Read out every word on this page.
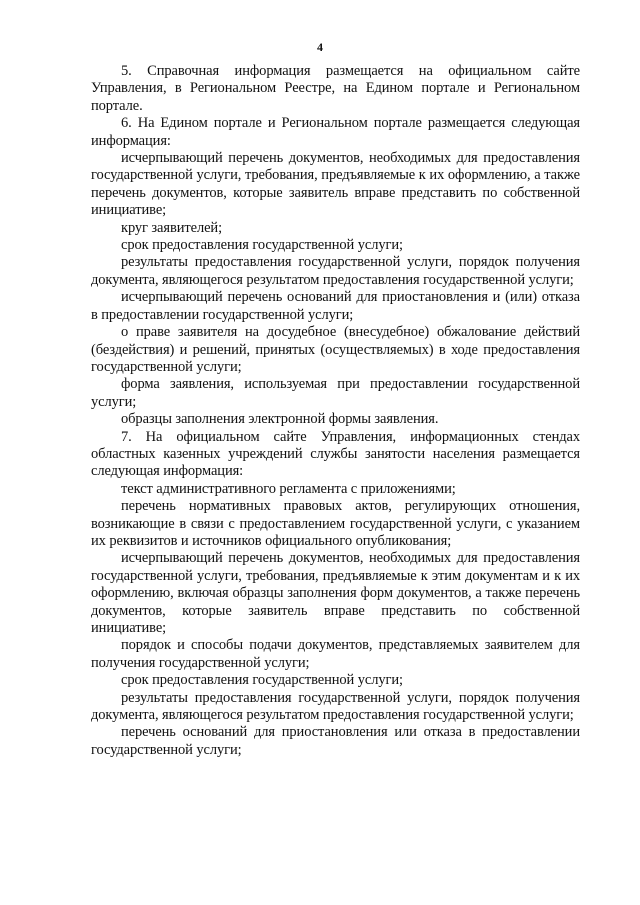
4

5. Справочная информация размещается на официальном сайте Управления, в Региональном Реестре, на Едином портале и Региональном портале.

6. На Едином портале и Региональном портале размещается следующая информация:

исчерпывающий перечень документов, необходимых для предоставления государственной услуги, требования, предъявляемые к их оформлению, а также перечень документов, которые заявитель вправе представить по собственной инициативе;

круг заявителей;

срок предоставления государственной услуги;

результаты предоставления государственной услуги, порядок получения документа, являющегося результатом предоставления государственной услуги;

исчерпывающий перечень оснований для приостановления и (или) отказа в предоставлении государственной услуги;

о праве заявителя на досудебное (внесудебное) обжалование действий (бездействия) и решений, принятых (осуществляемых) в ходе предоставления государственной услуги;

форма заявления, используемая при предоставлении государственной услуги;

образцы заполнения электронной формы заявления.

7. На официальном сайте Управления, информационных стендах областных казенных учреждений службы занятости населения размещается следующая информация:

текст административного регламента с приложениями;

перечень нормативных правовых актов, регулирующих отношения, возникающие в связи с предоставлением государственной услуги, с указанием их реквизитов и источников официального опубликования;

исчерпывающий перечень документов, необходимых для предоставления государственной услуги, требования, предъявляемые к этим документам и к их оформлению, включая образцы заполнения форм документов, а также перечень документов, которые заявитель вправе представить по собственной инициативе;

порядок и способы подачи документов, представляемых заявителем для получения государственной услуги;

срок предоставления государственной услуги;

результаты предоставления государственной услуги, порядок получения документа, являющегося результатом предоставления государственной услуги;

перечень оснований для приостановления или отказа в предоставлении государственной услуги;
